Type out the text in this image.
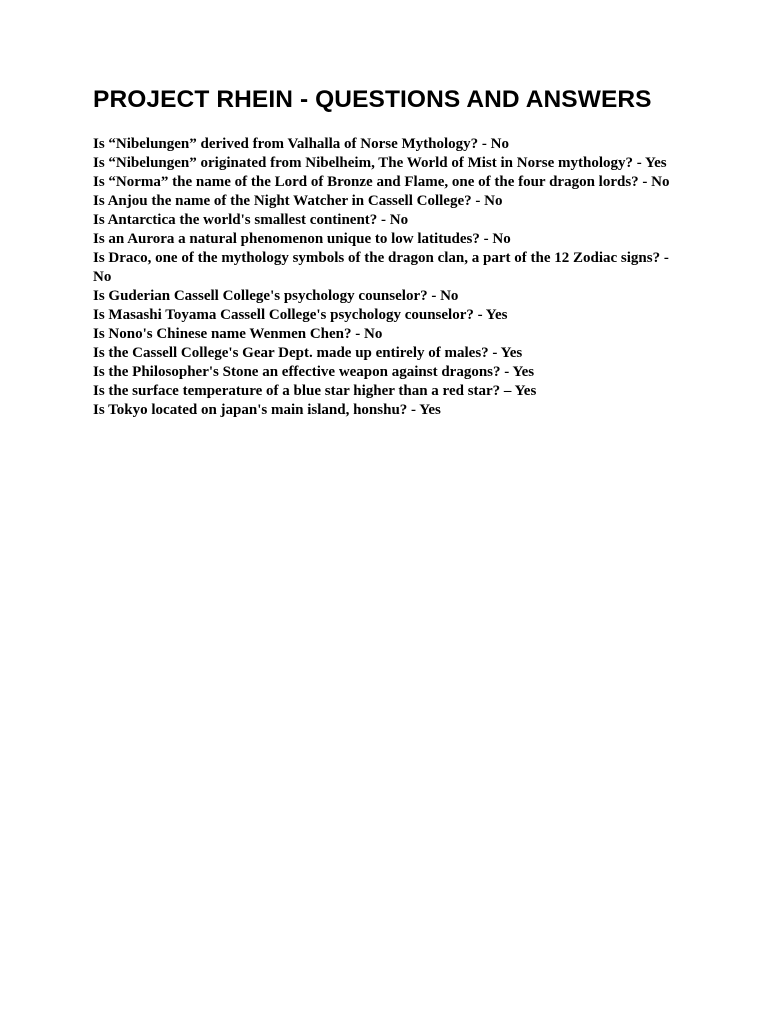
PROJECT RHEIN - QUESTIONS AND ANSWERS
Is “Nibelungen” derived from Valhalla of Norse Mythology? - No
Is “Nibelungen” originated from Nibelheim, The World of Mist in Norse mythology? - Yes
Is “Norma” the name of the Lord of Bronze and Flame, one of the four dragon lords? - No
Is Anjou the name of the Night Watcher in Cassell College? - No
Is Antarctica the world's smallest continent? - No
Is an Aurora a natural phenomenon unique to low latitudes? - No
Is Draco, one of the mythology symbols of the dragon clan, a part of the 12 Zodiac signs? - No
Is Guderian Cassell College's psychology counselor? - No
Is Masashi Toyama Cassell College's psychology counselor? - Yes
Is Nono's Chinese name Wenmen Chen? - No
Is the Cassell College's Gear Dept. made up entirely of males? - Yes
Is the Philosopher's Stone an effective weapon against dragons? - Yes
Is the surface temperature of a blue star higher than a red star? – Yes
Is Tokyo located on japan's main island, honshu? - Yes
